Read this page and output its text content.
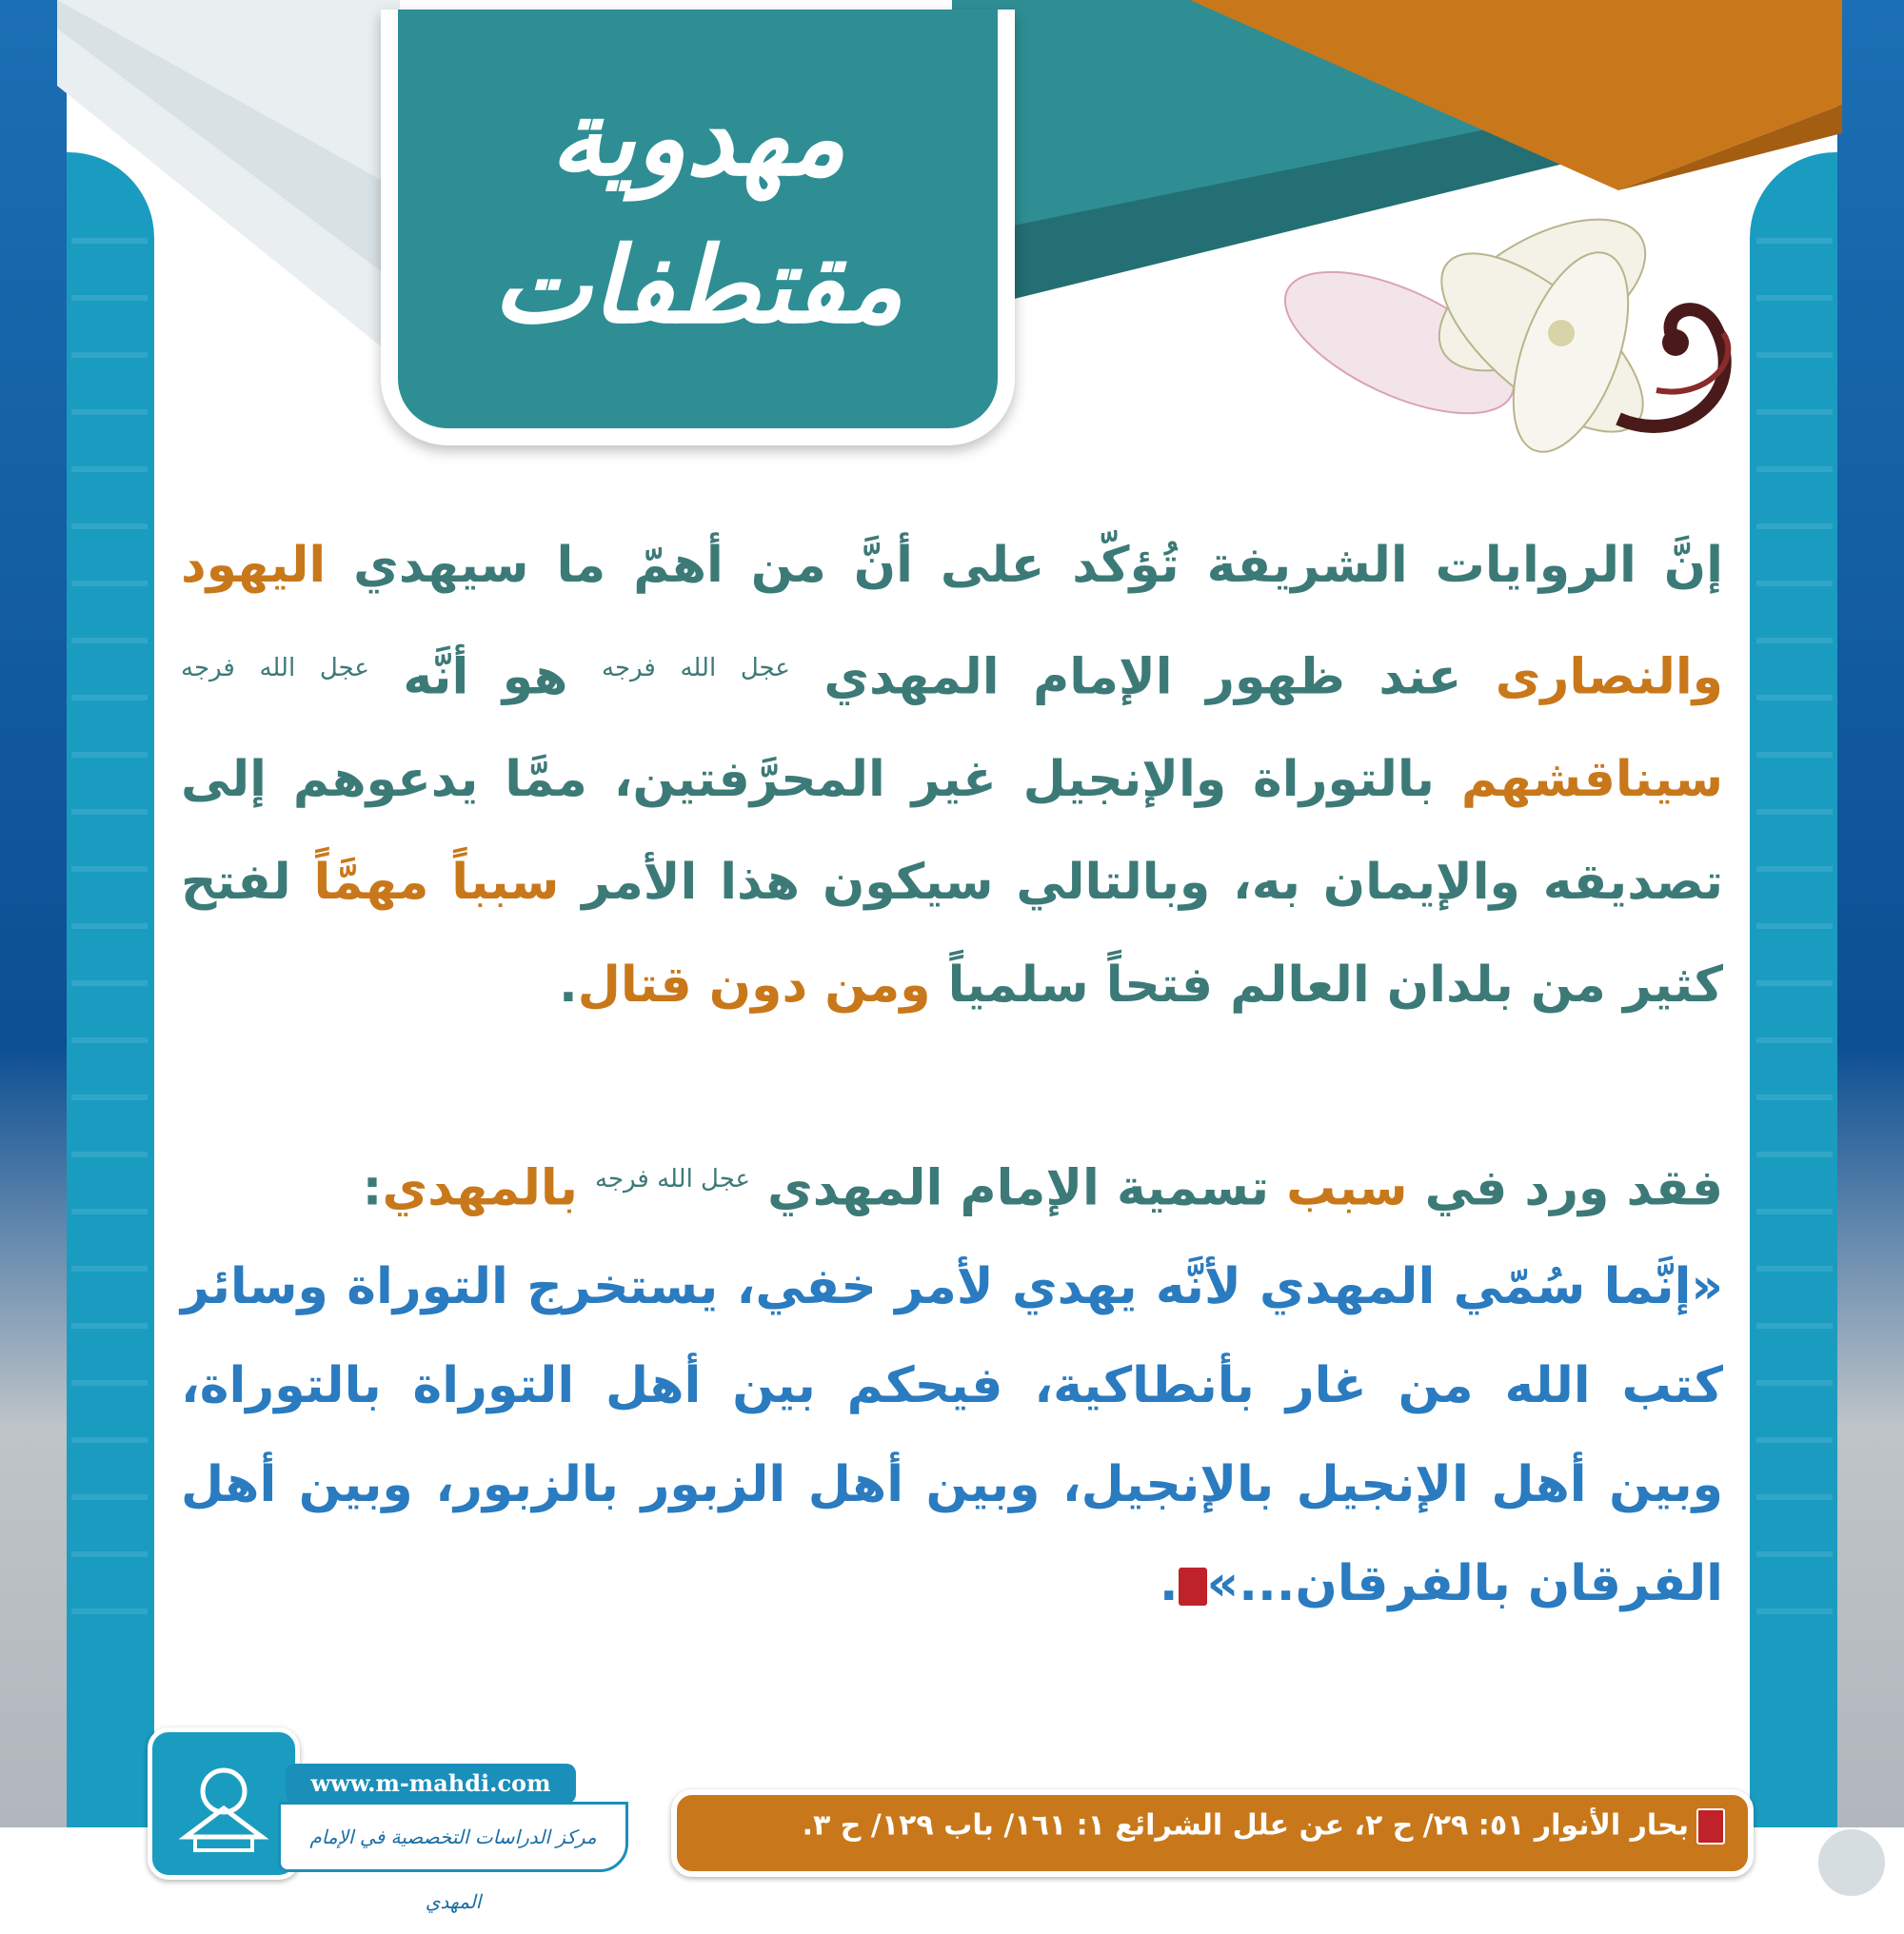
مهدوية
مقتطفات
إنَّ الروايات الشريفة تُؤكّد على أنَّ من أهمّ ما سيهدي اليهود والنصارى عند ظهور الإمام المهدي $^{عجل الله فرجه}$ هو أنَّه $^{عجل الله فرجه}$ سيناقشهم بالتوراة والإنجيل غير المحرَّفتين، ممَّا يدعوهم إلى تصديقه والإيمان به، وبالتالي سيكون هذا الأمر سبباً مهمَّاً لفتح كثير من بلدان العالم فتحاً سلمياً ومن دون قتال.
فقد ورد في سبب تسمية الإمام المهدي $^{عجل الله فرجه}$ بالمهدي:
«إنَّما سُمّي المهدي لأنَّه يهدي لأمر خفي، يستخرج التوراة وسائر كتب الله من غار بأنطاكية، فيحكم بين أهل التوراة بالتوراة، وبين أهل الإنجيل بالإنجيل، وبين أهل الزبور بالزبور، وبين أهل الفرقان بالفرقان...».
www.m-mahdi.com
مركز الدراسات التخصصية في الإمام المهدي
بحار الأنوار ٥١: ٢٩/ ح ٢، عن علل الشرائع ١: ١٦١/ باب ١٢٩/ ح ٣.
